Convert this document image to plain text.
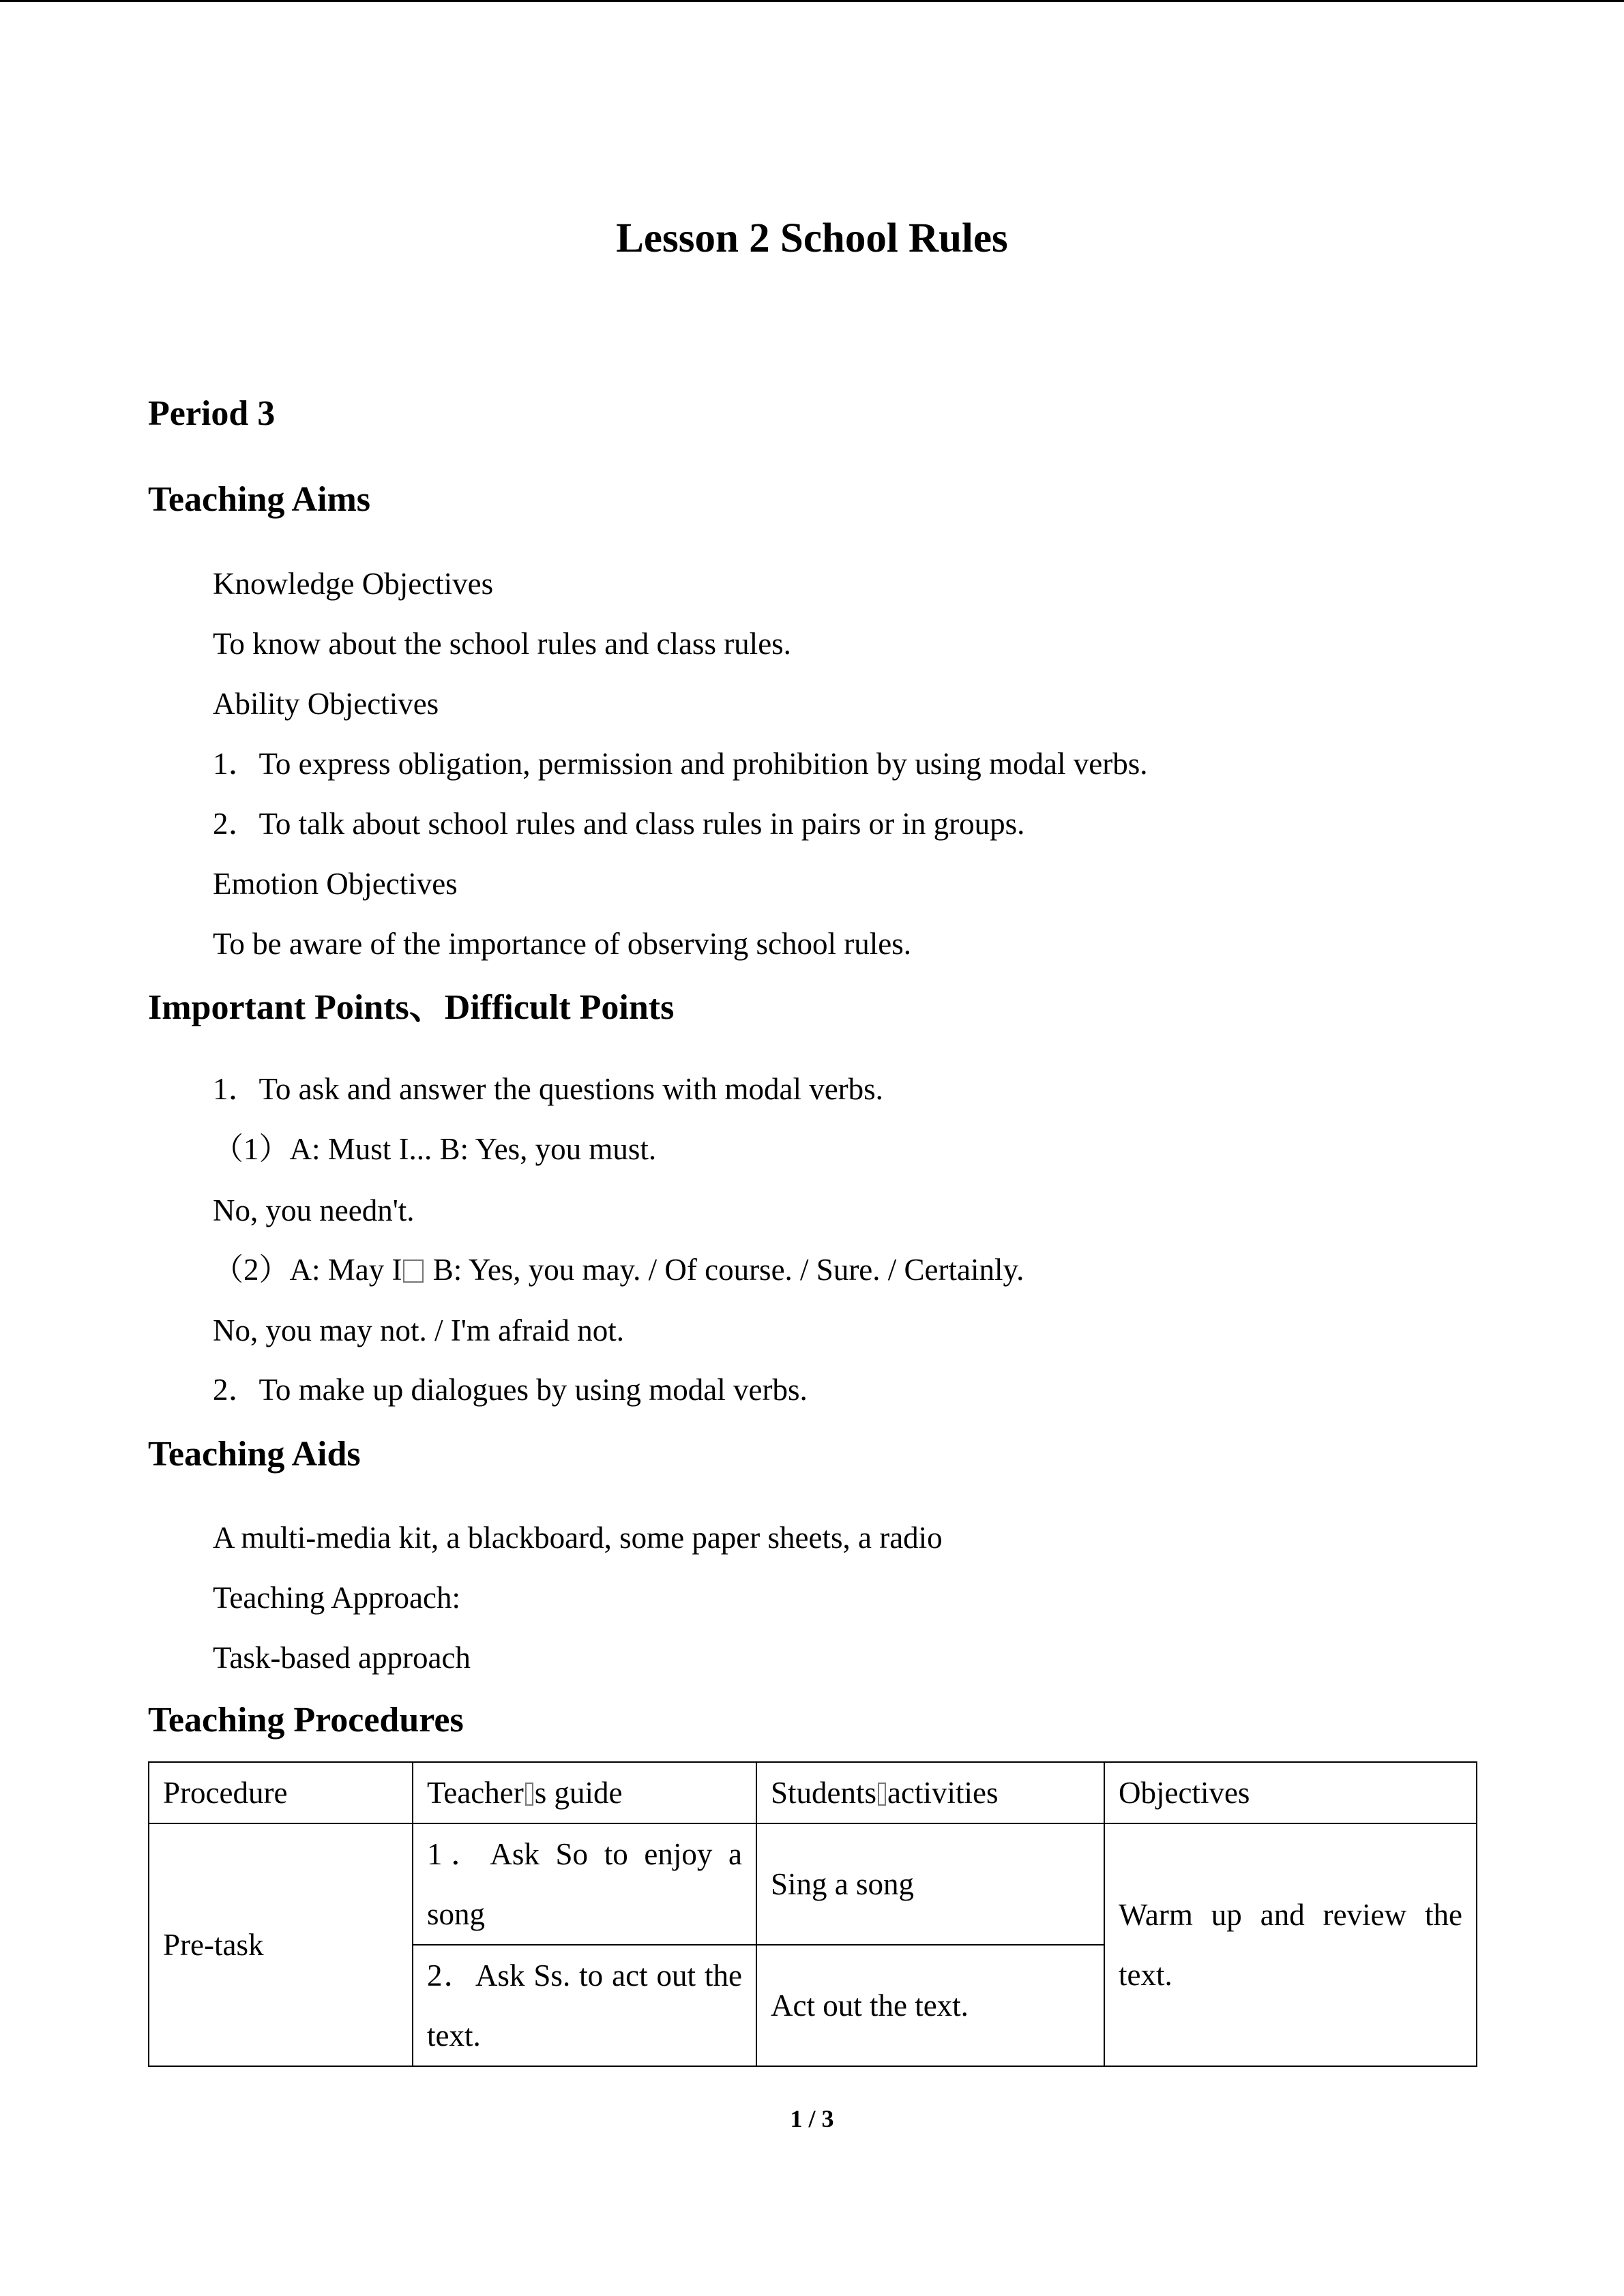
Lesson 2 School Rules
Period 3
Teaching Aims
Knowledge Objectives
To know about the school rules and class rules.
Ability Objectives
1．To express obligation, permission and prohibition by using modal verbs.
2．To talk about school rules and class rules in pairs or in groups.
Emotion Objectives
To be aware of the importance of observing school rules.
Important Points、Difficult Points
1．To ask and answer the questions with modal verbs.
（1）A: Must I... B: Yes, you must.
No, you needn't.
（2）A: May I B: Yes, you may. / Of course. / Sure. / Certainly.
No, you may not. / I'm afraid not.
2．To make up dialogues by using modal verbs.
Teaching Aids
A multi-media kit, a blackboard, some paper sheets, a radio
Teaching Approach:
Task-based approach
Teaching Procedures
Procedure	Teacher s guide	Students activities	Objectives
Pre-task	1．Ask So to enjoy a song	Sing a song	Warm up and review the text.
	2．Ask Ss. to act out the text.	Act out the text.	
1 / 3
